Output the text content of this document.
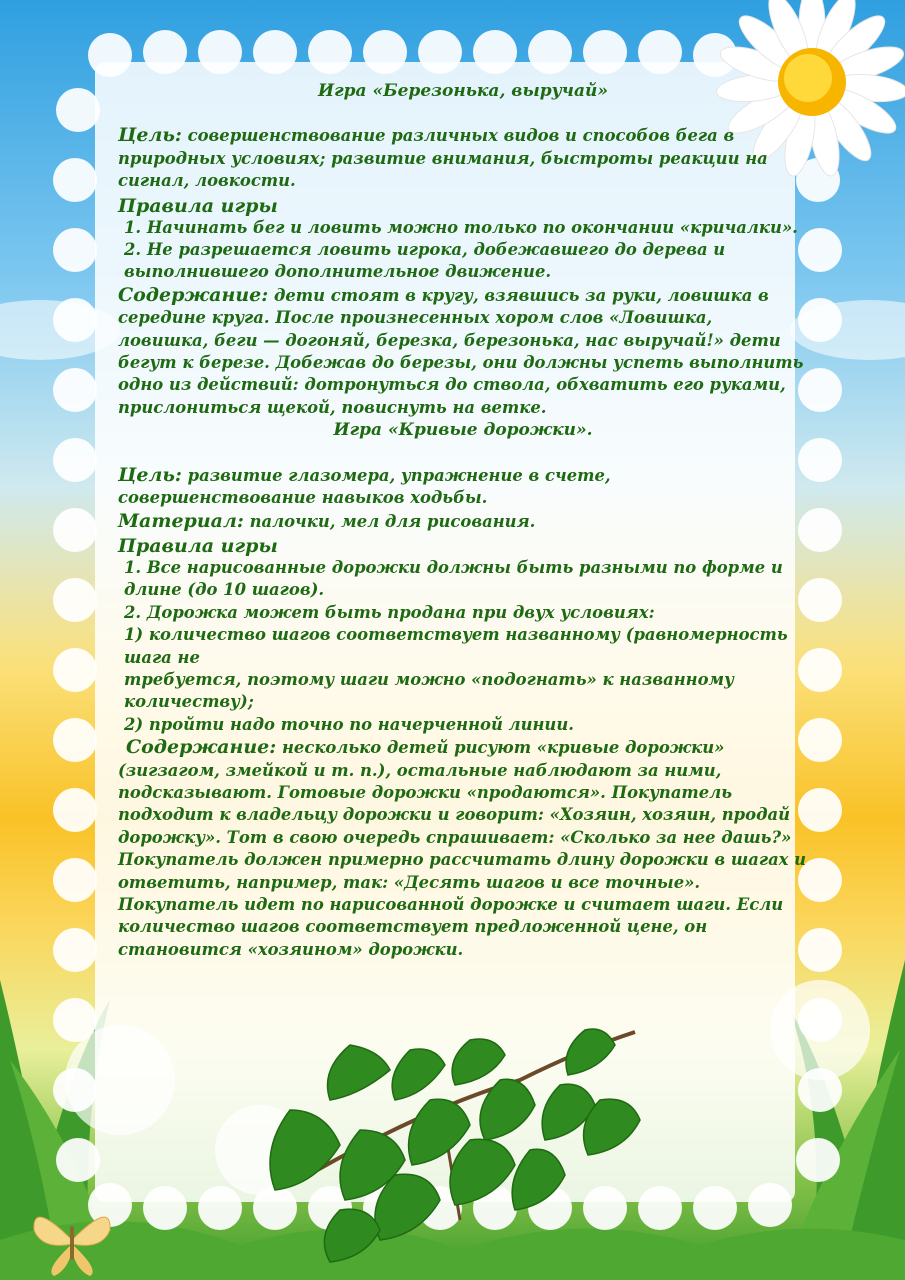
Игра «Березонька, выручай»

Цель: совершенствование различных видов и способов бега в природных условиях; развитие внимания, быстроты реакции на сигнал, ловкости.

Правила игры

1. Начинать бег и ловить можно только по окончании «кричалки».

2. Не разрешается ловить игрока, добежавшего до дерева и выполнившего дополнительное движение.

Содержание: дети стоят в кругу, взявшись за руки, ловишка в середине круга. После произнесенных хором слов «Ловишка, ловишка, беги — догоняй, березка, березонька, нас выручай!» дети бегут к березе. Добежав до березы, они должны успеть выполнить одно из действий: дотронуться до ствола, обхватить его руками, прислониться щекой, повиснуть на ветке.

Игра «Кривые дорожки».

Цель: развитие глазомера, упражнение в счете, совершенствование навыков ходьбы.

Материал: палочки, мел для рисования.

Правила игры

1. Все нарисованные дорожки должны быть разными по форме и длине (до 10 шагов).

2. Дорожка может быть продана при двух условиях:

1) количество шагов соответствует названному (равномерность шага не

требуется, поэтому шаги можно «подогнать» к названному количеству);

2) пройти надо точно по начерченной линии.

Содержание: несколько детей рисуют «кривые дорожки» (зигзагом, змейкой и т. п.), остальные наблюдают за ними, подсказывают. Готовые дорожки «продаются». Покупатель подходит к владельцу дорожки и говорит: «Хозяин, хозяин, продай дорожку». Тот в свою очередь спрашивает: «Сколько за нее дашь?» Покупатель должен примерно рассчитать длину дорожки в шагах и ответить, например, так: «Десять шагов и все точные». Покупатель идет по нарисованной дорожке и считает шаги. Если количество шагов соответствует предложенной цене, он становится «хозяином» дорожки.
